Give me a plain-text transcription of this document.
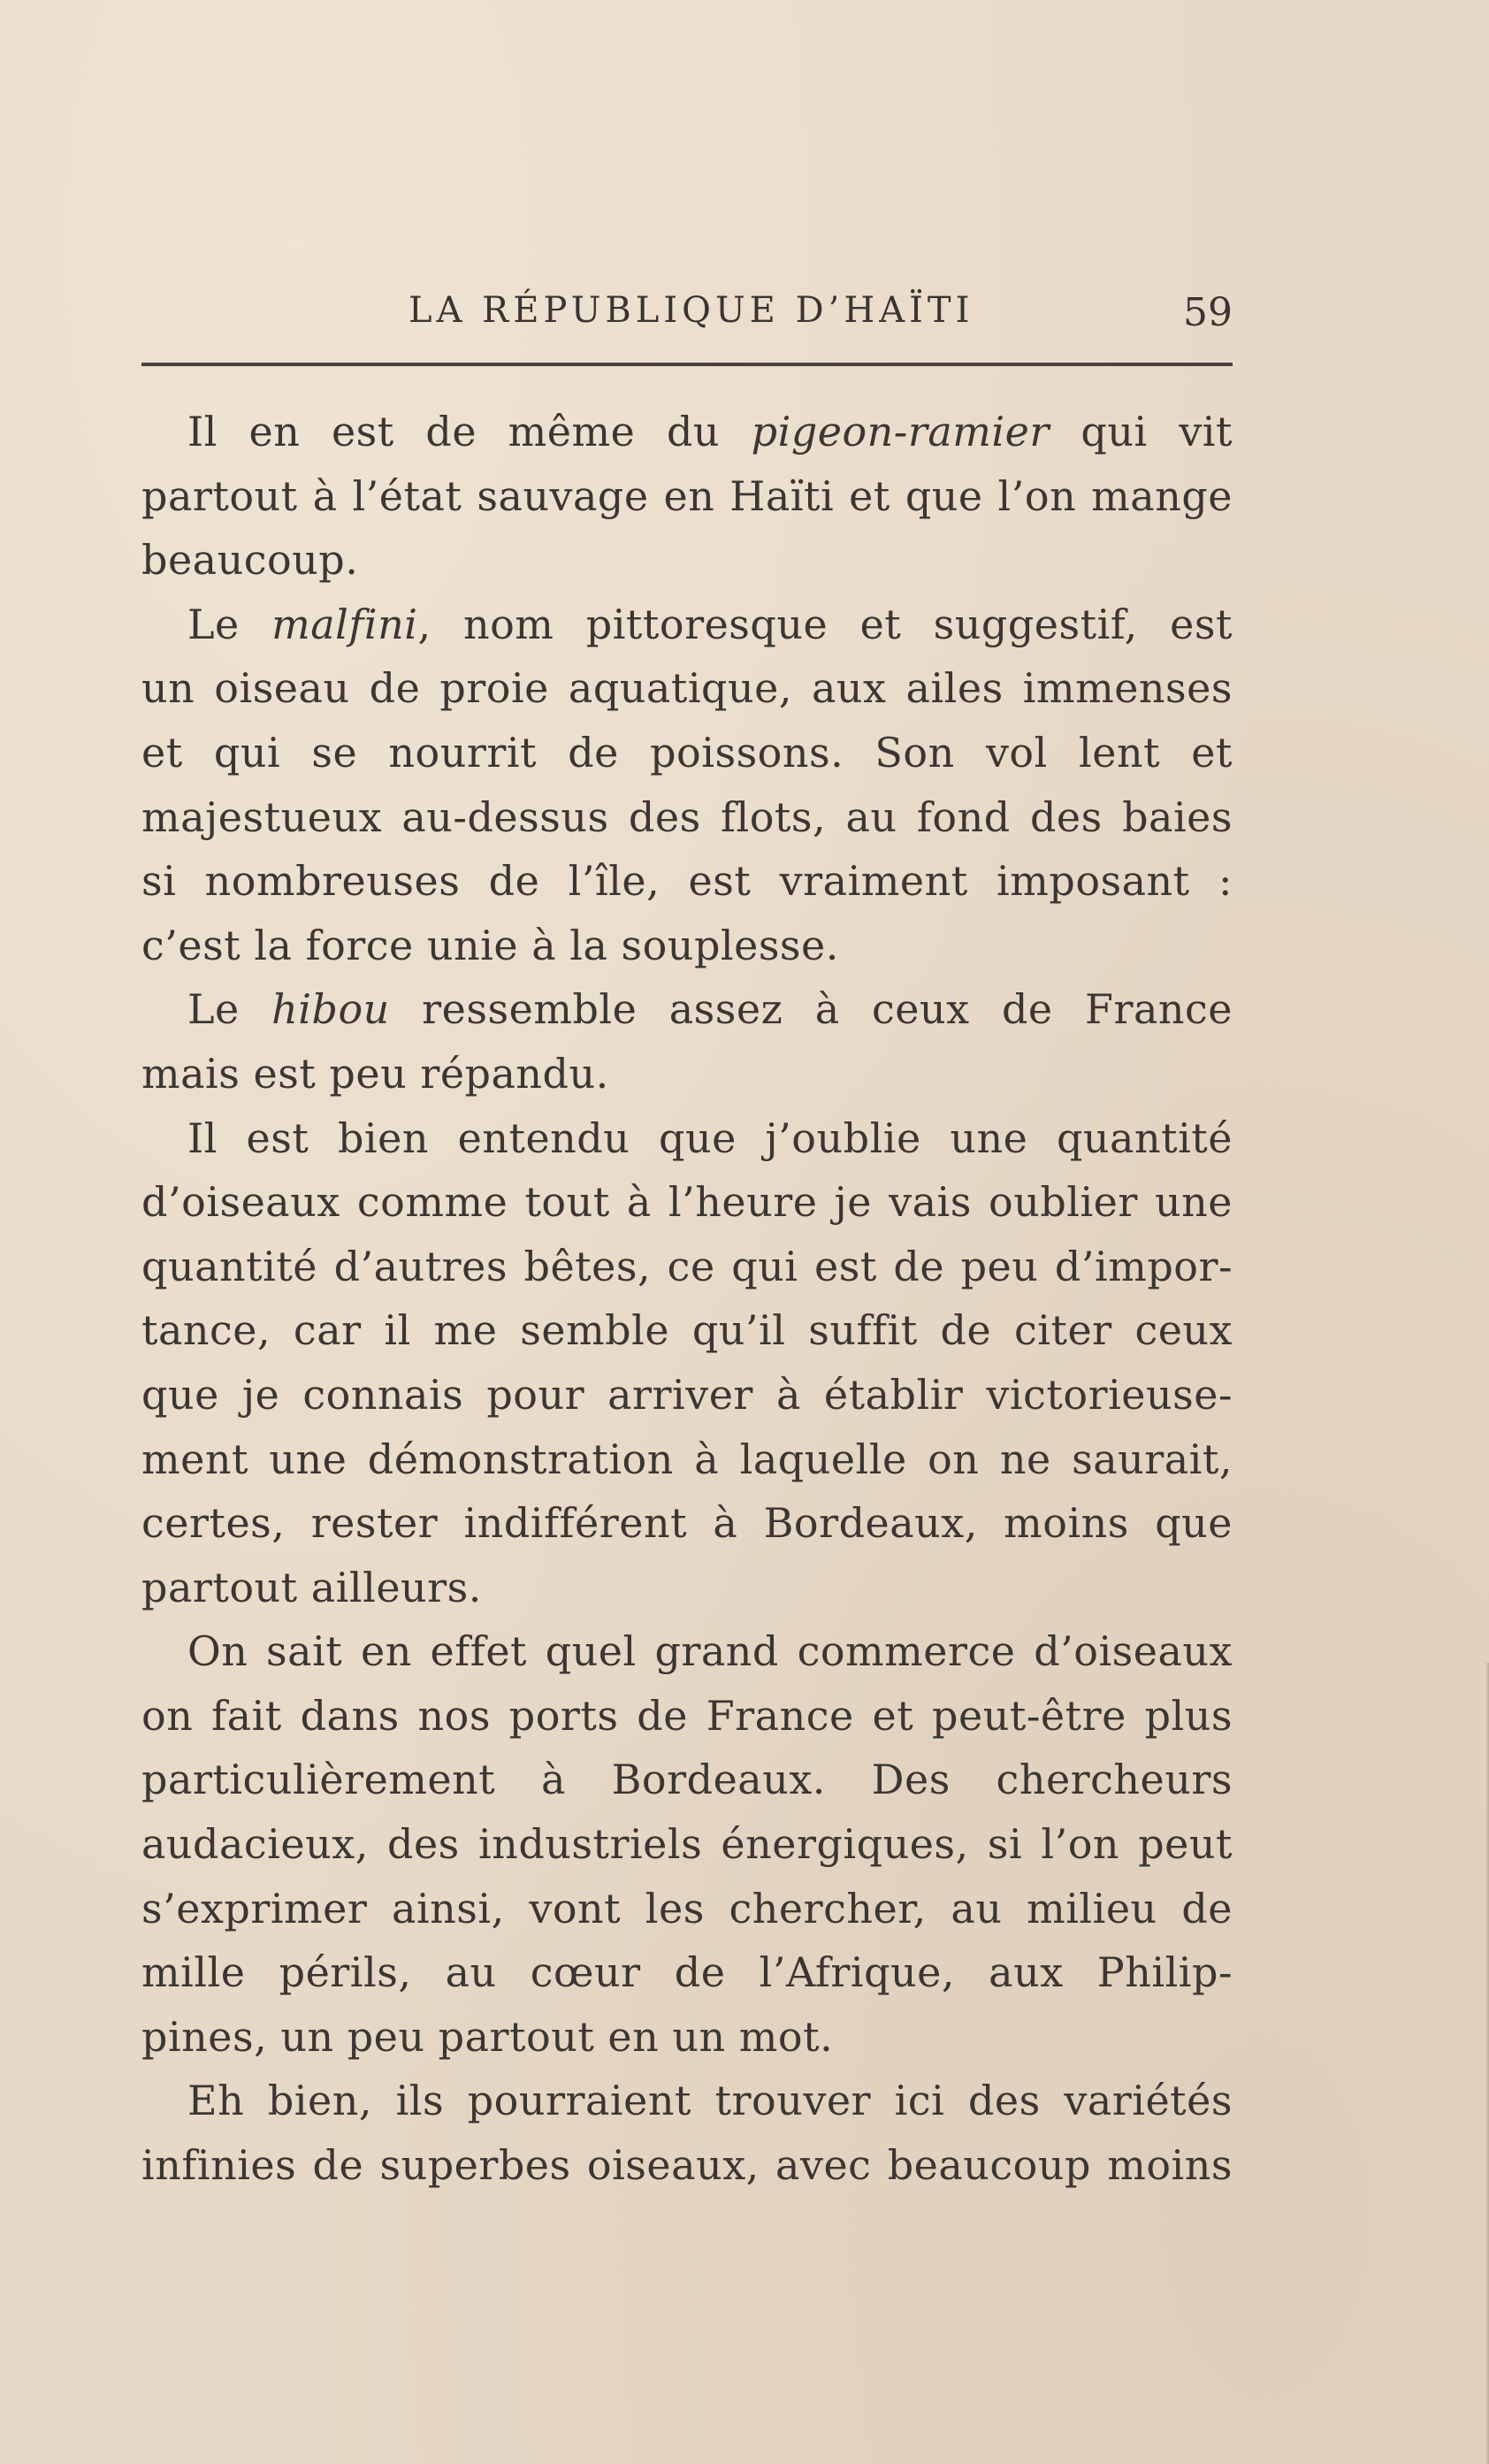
LA RÉPUBLIQUE D’HAÏTI	59
Il en est de même du pigeon-ramier qui vit
partout à l’état sauvage en Haïti et que l’on mange
beaucoup.
Le malfini, nom pittoresque et suggestif, est
un oiseau de proie aquatique, aux ailes immenses
et qui se nourrit de poissons. Son vol lent et
majestueux au-dessus des flots, au fond des baies
si nombreuses de l’île, est vraiment imposant :
c’est la force unie à la souplesse.
Le hibou ressemble assez à ceux de France
mais est peu répandu.
Il est bien entendu que j’oublie une quantité
d’oiseaux comme tout à l’heure je vais oublier une
quantité d’autres bêtes, ce qui est de peu d’impor-
tance, car il me semble qu’il suffit de citer ceux
que je connais pour arriver à établir victorieuse-
ment une démonstration à laquelle on ne saurait,
certes, rester indifférent à Bordeaux, moins que
partout ailleurs.
On sait en effet quel grand commerce d’oiseaux
on fait dans nos ports de France et peut-être plus
particulièrement à Bordeaux. Des chercheurs
audacieux, des industriels énergiques, si l’on peut
s’exprimer ainsi, vont les chercher, au milieu de
mille périls, au cœur de l’Afrique, aux Philip-
pines, un peu partout en un mot.
Eh bien, ils pourraient trouver ici des variétés
infinies de superbes oiseaux, avec beaucoup moins
